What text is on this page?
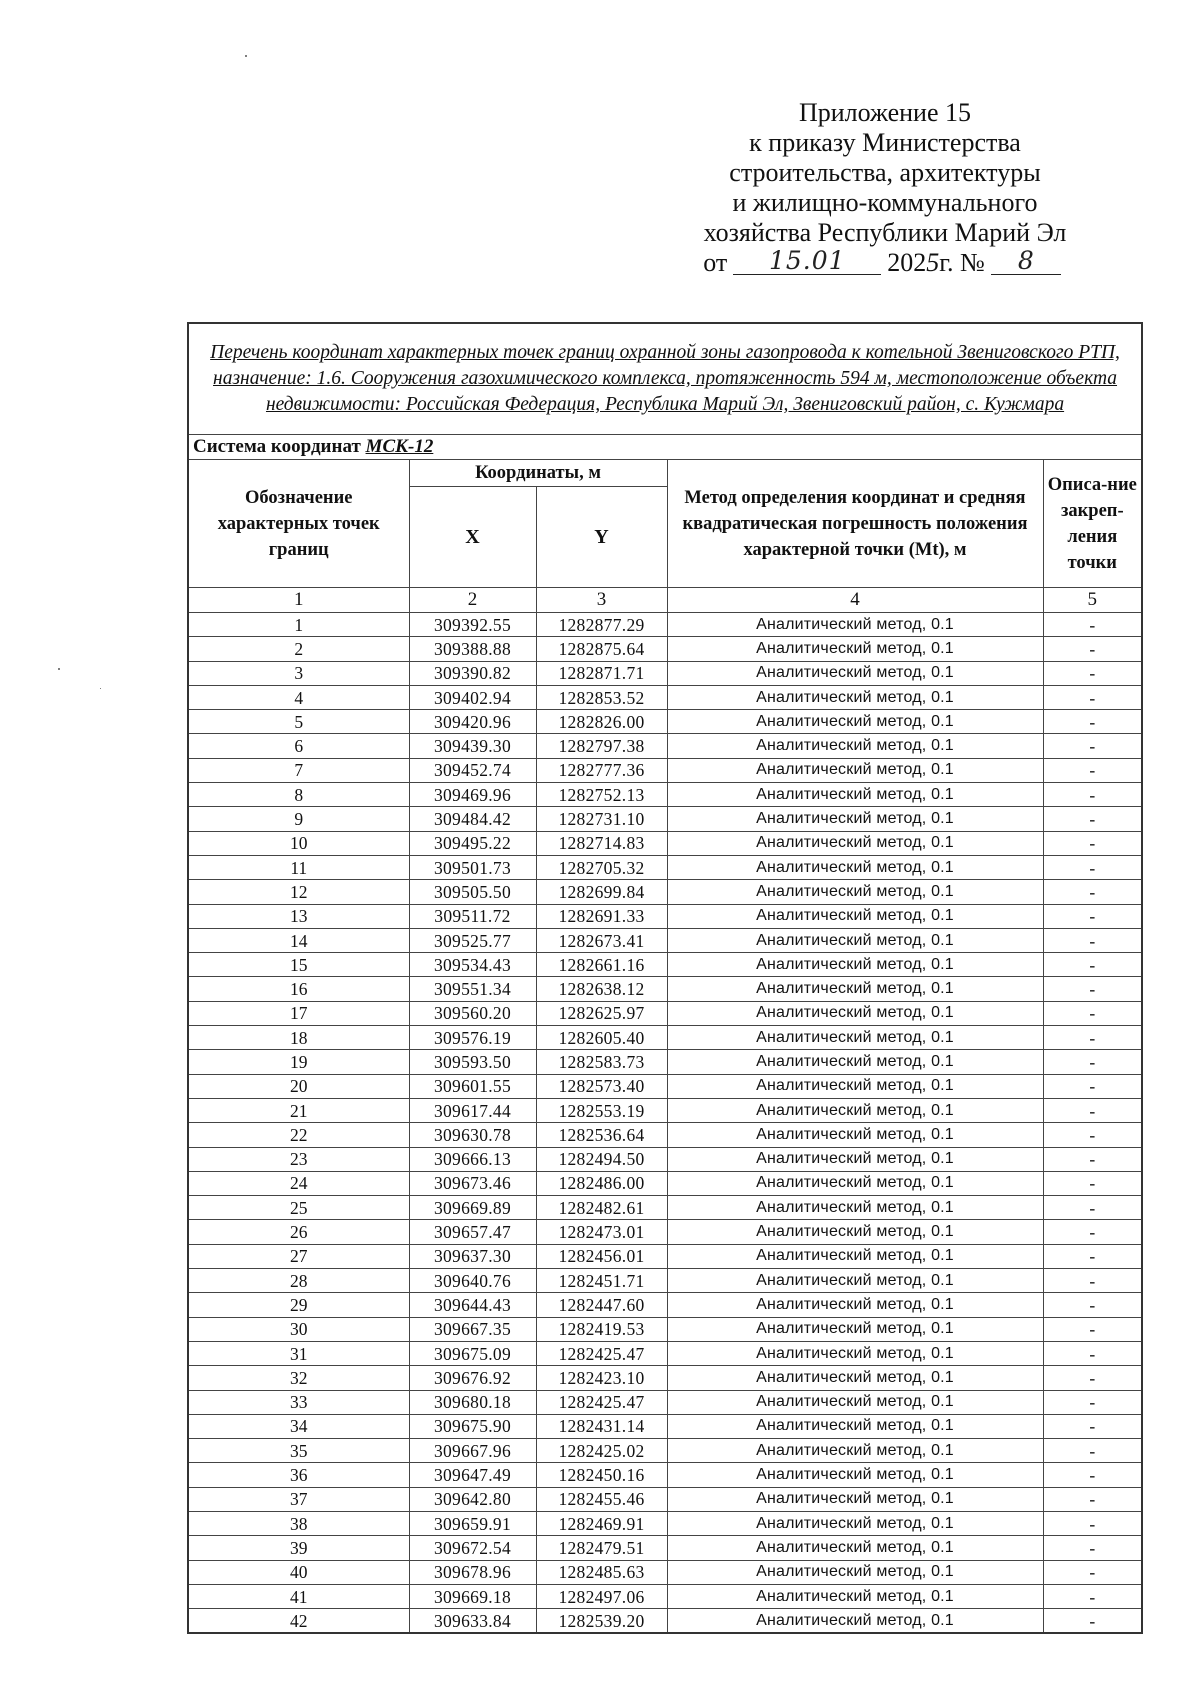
Приложение 15
к приказу Министерства
строительства, архитектуры
и жилищно-коммунального
хозяйства Республики Марий Эл
от	15.01	202 5 г. №	8
Перечень координат характерных точек границ охранной зоны газопровода к котельной Звениговского РТП, назначение: 1.6. Сооружения газохимического комплекса, протяженность 594 м, местоположение объекта недвижимости: Российская Федерация, Республика Марий Эл, Звениговский район, с. Кужмара				
Система координат МСК-12				
Обозначение характерных точек границ	Координаты, м		Метод определения координат и средняя квадратическая погрешность положения характерной точки (Mt), м	Описа-ние закреп-ления точки
	X	Y		
1	2	3	4	5
1	309392.55	1282877.29	Аналитический метод, 0.1	-
2	309388.88	1282875.64	Аналитический метод, 0.1	-
3	309390.82	1282871.71	Аналитический метод, 0.1	-
4	309402.94	1282853.52	Аналитический метод, 0.1	-
5	309420.96	1282826.00	Аналитический метод, 0.1	-
6	309439.30	1282797.38	Аналитический метод, 0.1	-
7	309452.74	1282777.36	Аналитический метод, 0.1	-
8	309469.96	1282752.13	Аналитический метод, 0.1	-
9	309484.42	1282731.10	Аналитический метод, 0.1	-
10	309495.22	1282714.83	Аналитический метод, 0.1	-
11	309501.73	1282705.32	Аналитический метод, 0.1	-
12	309505.50	1282699.84	Аналитический метод, 0.1	-
13	309511.72	1282691.33	Аналитический метод, 0.1	-
14	309525.77	1282673.41	Аналитический метод, 0.1	-
15	309534.43	1282661.16	Аналитический метод, 0.1	-
16	309551.34	1282638.12	Аналитический метод, 0.1	-
17	309560.20	1282625.97	Аналитический метод, 0.1	-
18	309576.19	1282605.40	Аналитический метод, 0.1	-
19	309593.50	1282583.73	Аналитический метод, 0.1	-
20	309601.55	1282573.40	Аналитический метод, 0.1	-
21	309617.44	1282553.19	Аналитический метод, 0.1	-
22	309630.78	1282536.64	Аналитический метод, 0.1	-
23	309666.13	1282494.50	Аналитический метод, 0.1	-
24	309673.46	1282486.00	Аналитический метод, 0.1	-
25	309669.89	1282482.61	Аналитический метод, 0.1	-
26	309657.47	1282473.01	Аналитический метод, 0.1	-
27	309637.30	1282456.01	Аналитический метод, 0.1	-
28	309640.76	1282451.71	Аналитический метод, 0.1	-
29	309644.43	1282447.60	Аналитический метод, 0.1	-
30	309667.35	1282419.53	Аналитический метод, 0.1	-
31	309675.09	1282425.47	Аналитический метод, 0.1	-
32	309676.92	1282423.10	Аналитический метод, 0.1	-
33	309680.18	1282425.47	Аналитический метод, 0.1	-
34	309675.90	1282431.14	Аналитический метод, 0.1	-
35	309667.96	1282425.02	Аналитический метод, 0.1	-
36	309647.49	1282450.16	Аналитический метод, 0.1	-
37	309642.80	1282455.46	Аналитический метод, 0.1	-
38	309659.91	1282469.91	Аналитический метод, 0.1	-
39	309672.54	1282479.51	Аналитический метод, 0.1	-
40	309678.96	1282485.63	Аналитический метод, 0.1	-
41	309669.18	1282497.06	Аналитический метод, 0.1	-
42	309633.84	1282539.20	Аналитический метод, 0.1	-
